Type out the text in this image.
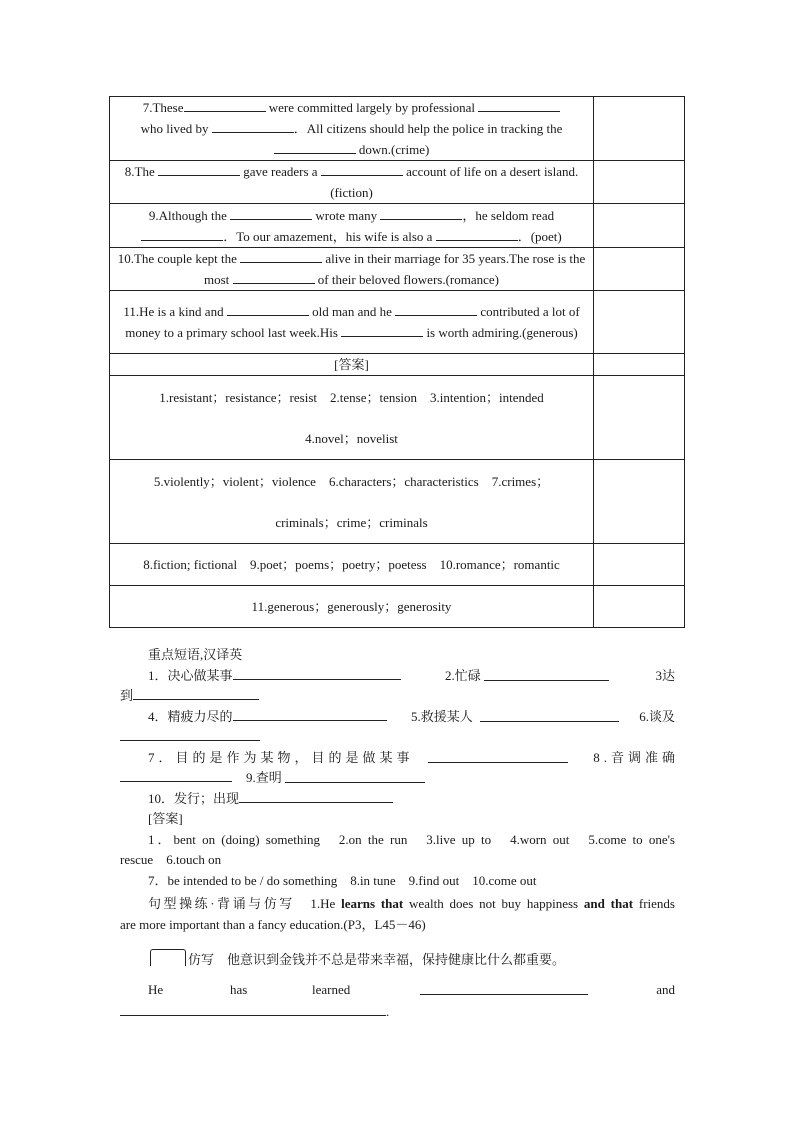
7.These were committed largely by professional
who lived by ．All citizens should help the police in tracking the
down.(crime)	
8.The gave readers a account of life on a desert island.(fiction)	
9.Although the wrote many ，he seldom read
．To our amazement，his wife is also a ．(poet)	
10.The couple kept the alive in their marriage for 35 years.The rose is the most of their beloved flowers.(romance)	
11.He is a kind and old man and he contributed a lot of money to a primary school last week.His is worth admiring.(generous)	
[答案]	

1.resistant；resistance；resist　2.tense；tension　3.intention；intended
4.novel；novelist	

5.violently；violent；violence　6.characters；characteristics　7.crimes；
criminals；crime；criminals	

8.fiction; fictional　9.poet；poems；poetry；poetess　10.romance；romantic	

11.generous；generously；generosity	

重点短语,汉译英
1．决心做某事	2.忙碌	3达
到
4．精疲力尽的	5.救援某人	6.谈及
7．目的是作为某物，目的是做某事	8.音调准确
9.查明
10．发行；出现
[答案]
1．bent on (doing) something　2.on the run　3.live up to　4.worn out　5.come to one's
rescue　6.touch on
7．be intended to be / do something　8.in tune　9.find out　10.come out
句型操练·背诵与仿写　 1.He learns that wealth does not buy happiness and that friends
are more important than a fancy education.(P3，L45－46)
仿写　 他意识到金钱并不总是带来幸福，保持健康比什么都重要。
He	has	learned	and
.
